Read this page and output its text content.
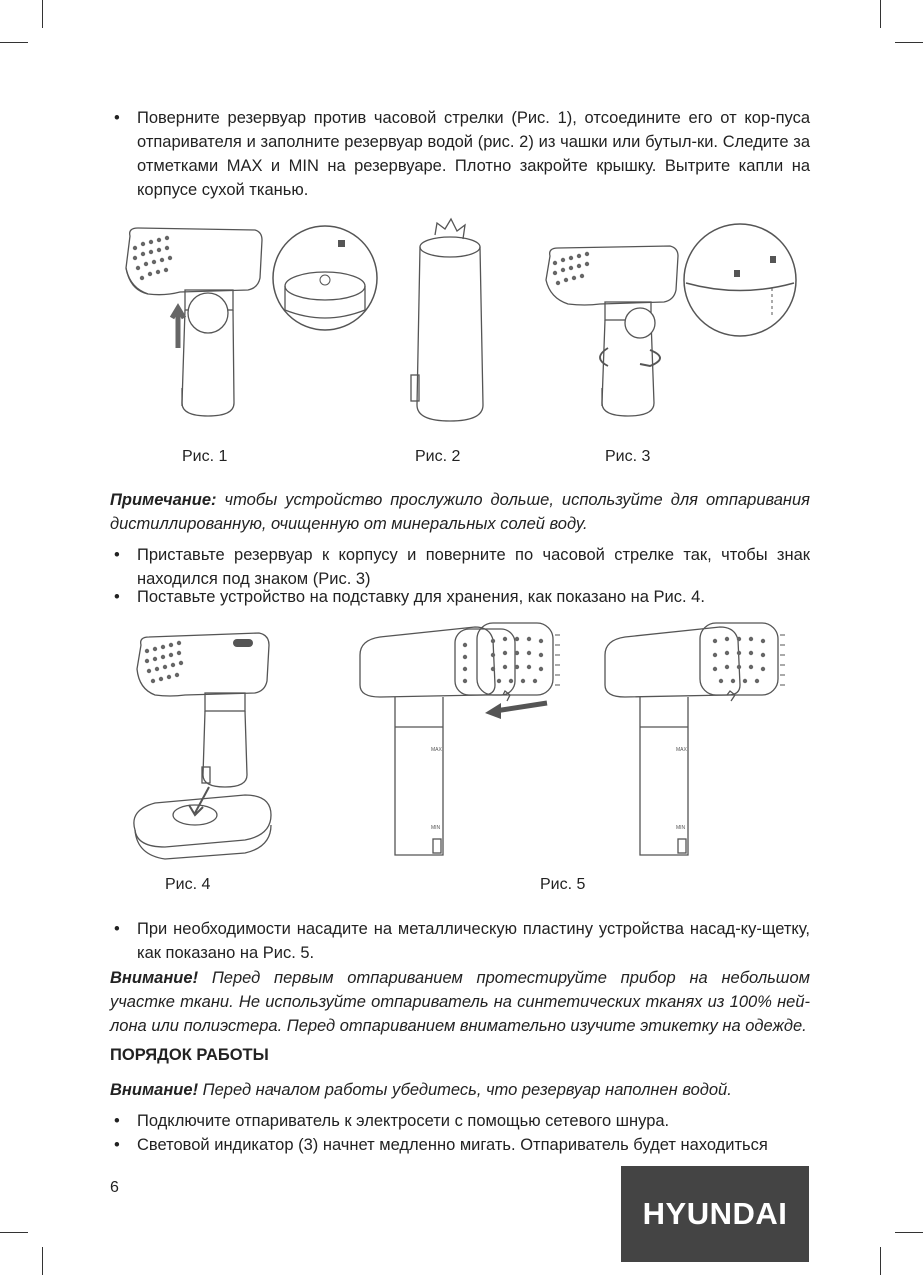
• Поверните резервуар против часовой стрелки (Рис. 1), отсоедините его от кор-пуса отпаривателя и заполните резервуар водой (рис. 2) из чашки или бутыл-ки. Следите за отметками MAX и MIN на резервуаре. Плотно закройте крышку. Вытрите капли на корпусе сухой тканью.
Рис. 1	Рис. 2	Рис. 3
Примечание: чтобы устройство прослужило дольше, используйте для отпаривания дистиллированную, очищенную от минеральных солей воду.
• Приставьте резервуар к корпусу и поверните по часовой стрелке так, чтобы знак находился под знаком (Рис. 3)
• Поставьте устройство на подставку для хранения, как показано на Рис. 4.
MAX
MIN
MAX
MIN
Рис. 4	Рис. 5
• При необходимости насадите на металлическую пластину устройства насад-ку-щетку, как показано на Рис. 5.
Внимание! Перед первым отпариванием протестируйте прибор на небольшом участке ткани. Не используйте отпариватель на синтетических тканях из 100% ней-лона или полиэстера. Перед отпариванием внимательно изучите этикетку на одежде.
ПОРЯДОК РАБОТЫ
Внимание! Перед началом работы убедитесь, что резервуар наполнен водой.
• Подключите отпариватель к электросети с помощью сетевого шнура.
• Световой индикатор (3) начнет медленно мигать. Отпариватель будет находиться
6
HYUNDAI
